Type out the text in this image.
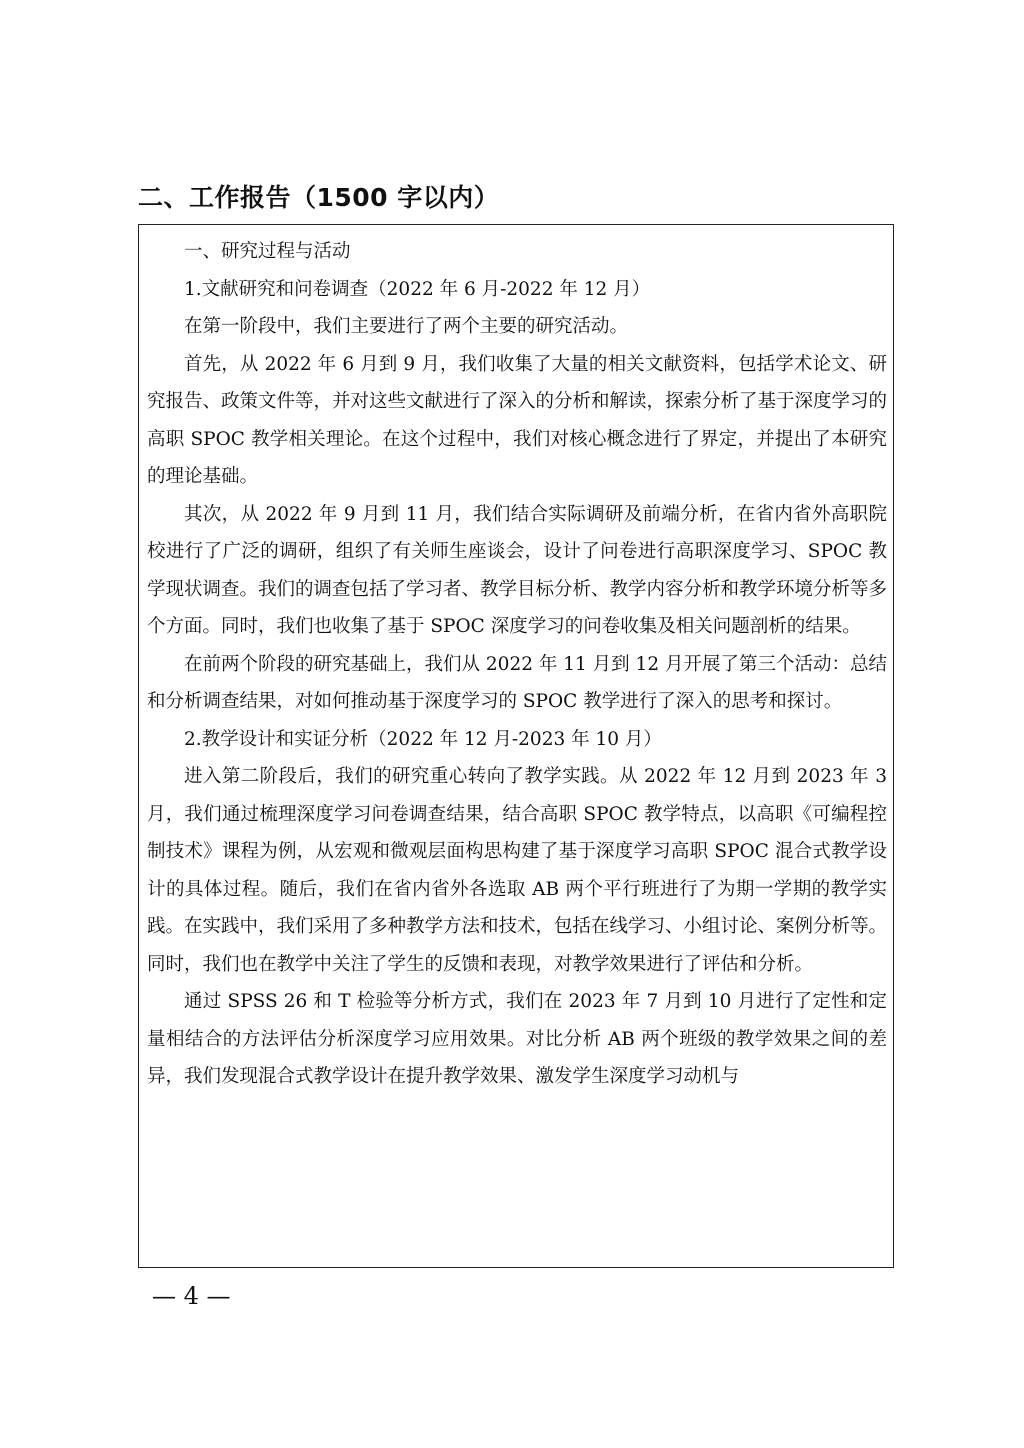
二、工作报告（1500 字以内）

一、研究过程与活动

1.文献研究和问卷调查（2022 年 6 月-2022 年 12 月）

在第一阶段中，我们主要进行了两个主要的研究活动。

首先，从 2022 年 6 月到 9 月，我们收集了大量的相关文献资料，包括学术论文、研究报告、政策文件等，并对这些文献进行了深入的分析和解读，探索分析了基于深度学习的高职 SPOC 教学相关理论。在这个过程中，我们对核心概念进行了界定，并提出了本研究的理论基础。

其次，从 2022 年 9 月到 11 月，我们结合实际调研及前端分析，在省内省外高职院校进行了广泛的调研，组织了有关师生座谈会，设计了问卷进行高职深度学习、SPOC 教学现状调查。我们的调查包括了学习者、教学目标分析、教学内容分析和教学环境分析等多个方面。同时，我们也收集了基于 SPOC 深度学习的问卷收集及相关问题剖析的结果。

在前两个阶段的研究基础上，我们从 2022 年 11 月到 12 月开展了第三个活动：总结和分析调查结果，对如何推动基于深度学习的 SPOC 教学进行了深入的思考和探讨。

2.教学设计和实证分析（2022 年 12 月-2023 年 10 月）

进入第二阶段后，我们的研究重心转向了教学实践。从 2022 年 12 月到 2023 年 3 月，我们通过梳理深度学习问卷调查结果，结合高职 SPOC 教学特点，以高职《可编程控制技术》课程为例，从宏观和微观层面构思构建了基于深度学习高职 SPOC 混合式教学设计的具体过程。随后，我们在省内省外各选取 AB 两个平行班进行了为期一学期的教学实践。在实践中，我们采用了多种教学方法和技术，包括在线学习、小组讨论、案例分析等。同时，我们也在教学中关注了学生的反馈和表现，对教学效果进行了评估和分析。

通过 SPSS 26 和 T 检验等分析方式，我们在 2023 年 7 月到 10 月进行了定性和定量相结合的方法评估分析深度学习应用效果。对比分析 AB 两个班级的教学效果之间的差异，我们发现混合式教学设计在提升教学效果、激发学生深度学习动机与

— 4 —
